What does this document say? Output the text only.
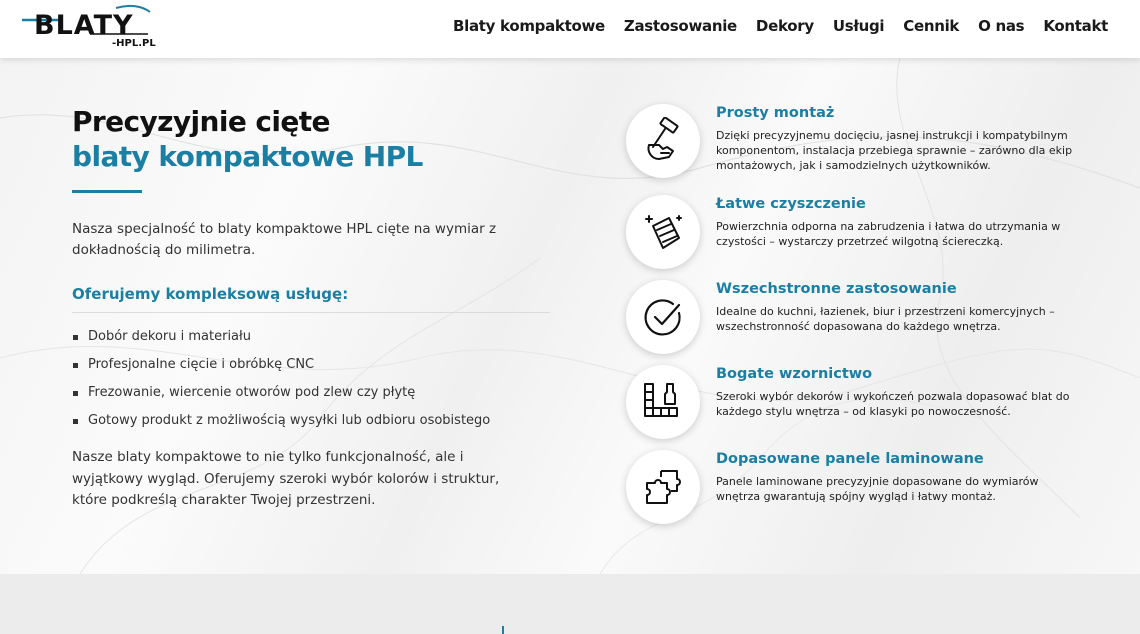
BLATY
-HPL.PL
Blaty kompaktowe Zastosowanie Dekory Usługi Cennik O nas Kontakt
Precyzyjnie cięte
blaty kompaktowe HPL

Nasza specjalność to blaty kompaktowe HPL cięte na wymiar z dokładnością do milimetra.

Oferujemy kompleksową usługę:
Dobór dekoru i materiału
Profesjonalne cięcie i obróbkę CNC
Frezowanie, wiercenie otworów pod zlew czy płytę
Gotowy produkt z możliwością wysyłki lub odbioru osobistego

Nasze blaty kompaktowe to nie tylko funkcjonalność, ale i wyjątkowy wygląd. Oferujemy szeroki wybór kolorów i struktur, które podkreślą charakter Twojej przestrzeni.

Prosty montaż
Dzięki precyzyjnemu docięciu, jasnej instrukcji i kompatybilnym komponentom, instalacja przebiega sprawnie – zarówno dla ekip montażowych, jak i samodzielnych użytkowników.
Łatwe czyszczenie
Powierzchnia odporna na zabrudzenia i łatwa do utrzymania w czystości – wystarczy przetrzeć wilgotną ściereczką.
Wszechstronne zastosowanie
Idealne do kuchni, łazienek, biur i przestrzeni komercyjnych – wszechstronność dopasowana do każdego wnętrza.
Bogate wzornictwo
Szeroki wybór dekorów i wykończeń pozwala dopasować blat do każdego stylu wnętrza – od klasyki po nowoczesność.
Dopasowane panele laminowane
Panele laminowane precyzyjnie dopasowane do wymiarów wnętrza gwarantują spójny wygląd i łatwy montaż.
